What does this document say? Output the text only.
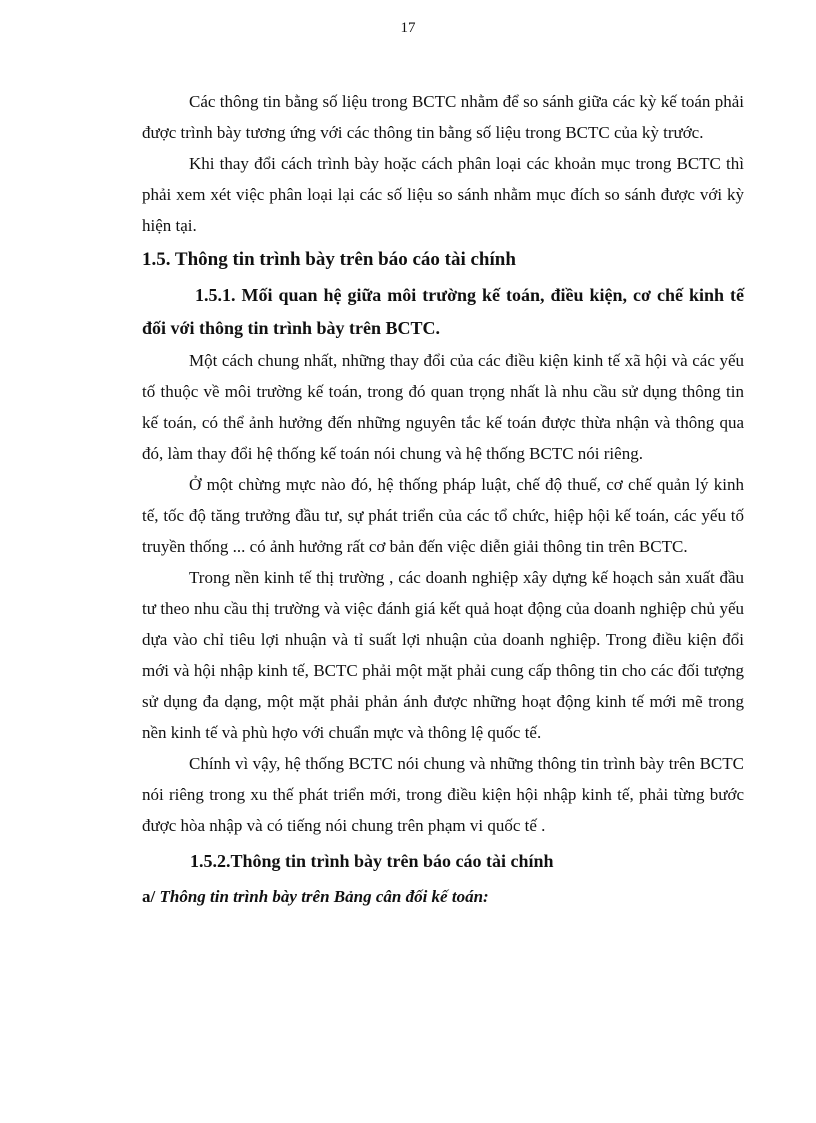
17

Các thông tin bằng số liệu trong BCTC nhằm để so sánh giữa các kỳ kế toán phải được trình bày tương ứng với các thông tin bằng số liệu trong BCTC của kỳ trước.

Khi thay đổi cách trình bày hoặc cách phân loại các khoản mục trong BCTC thì phải xem xét việc phân loại lại các số liệu so sánh nhằm mục đích so sánh được với kỳ hiện tại.

1.5. Thông tin trình bày trên báo cáo tài chính
1.5.1. Mối quan hệ giữa môi trường kế toán, điều kiện, cơ chế kinh tế đối với thông tin trình bày trên BCTC.

Một cách chung nhất, những thay đổi của các điều kiện kinh tế xã hội và các yếu tố thuộc về môi trường kế toán, trong đó quan trọng nhất là nhu cầu sử dụng thông tin kế toán, có thể ảnh hưởng đến những nguyên tắc kế toán được thừa nhận và thông qua đó, làm thay đổi hệ thống kế toán nói chung và hệ thống BCTC nói riêng.

Ở một chừng mực nào đó, hệ thống pháp luật, chế độ thuế, cơ chế quản lý kinh tế, tốc độ tăng trưởng đầu tư, sự phát triển của các tổ chức, hiệp hội kế toán, các yếu tố truyền thống ... có ảnh hưởng rất cơ bản đến việc diễn giải thông tin trên BCTC.

Trong nền kinh tế thị trường , các doanh nghiệp xây dựng kế hoạch sản xuất đầu tư theo nhu cầu thị trường và việc đánh giá kết quả hoạt động của doanh nghiệp chủ yếu dựa vào chỉ tiêu lợi nhuận và tỉ suất lợi nhuận của doanh nghiệp. Trong điều kiện đổi mới và hội nhập kinh tế, BCTC phải một mặt phải cung cấp thông tin cho các đối tượng sử dụng đa dạng, một mặt phải phản ánh được những hoạt động kinh tế mới mẽ trong nền kinh tế và phù hợo với chuẩn mực và thông lệ quốc tế.

Chính vì vậy, hệ thống BCTC nói chung và những thông tin trình bày trên BCTC nói riêng trong xu thế phát triển mới, trong điều kiện hội nhập kinh tế, phải từng bước được hòa nhập và có tiếng nói chung trên phạm vi quốc tế .

1.5.2.Thông tin trình bày trên báo cáo tài chính

a/ Thông tin trình bày trên Bảng cân đối kế toán:
